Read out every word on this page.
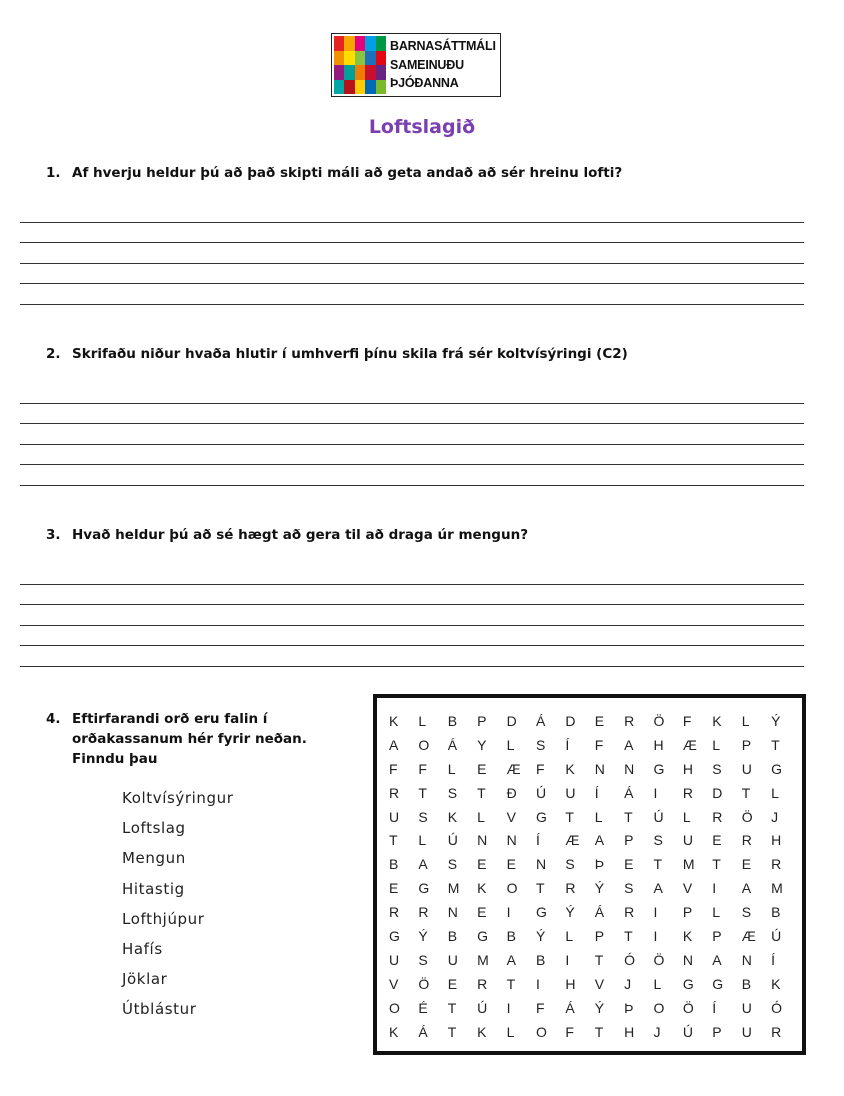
BARNASÁTTMÁLI
SAMEINUÐU
ÞJÓÐANNA
Loftslagið
1. Af hverju heldur þú að það skipti máli að geta andað að sér hreinu lofti?
2. Skrifaðu niður hvaða hlutir í umhverfi þínu skila frá sér koltvísýringi (C2)
3. Hvað heldur þú að sé hægt að gera til að draga úr mengun?
4. Eftirfarandi orð eru falin í
orðakassanum hér fyrir neðan.
Finndu þau
Koltvísýringur
Loftslag
Mengun
Hitastig
Lofthjúpur
Hafís
Jöklar
Útblástur
K	L	B	P	D	Á	D	E	R	Ö	F	K	L	Ý
A	O	Á	Y	L	S	Í	F	A	H	Æ	L	P	T
F	F	L	E	Æ	F	K	N	N	G	H	S	U	G
R	T	S	T	Ð	Ú	U	Í	Á	I	R	D	T	L
U	S	K	L	V	G	T	L	T	Ú	L	R	Ö	J
T	L	Ú	N	N	Í	Æ	A	P	S	U	E	R	H
B	A	S	E	E	N	S	Þ	E	T	M	T	E	R
E	G	M	K	O	T	R	Ý	S	A	V	I	A	M
R	R	N	E	I	G	Ý	Á	R	I	P	L	S	B
G	Ý	B	G	B	Ý	L	P	T	I	K	P	Æ	Ú
U	S	U	M	A	B	I	T	Ó	Ö	N	A	N	Í
V	Ö	E	R	T	I	H	V	J	L	G	G	B	K
O	É	T	Ú	I	F	Á	Ý	Þ	O	Ö	Í	U	Ó
K	Á	T	K	L	O	F	T	H	J	Ú	P	U	R
